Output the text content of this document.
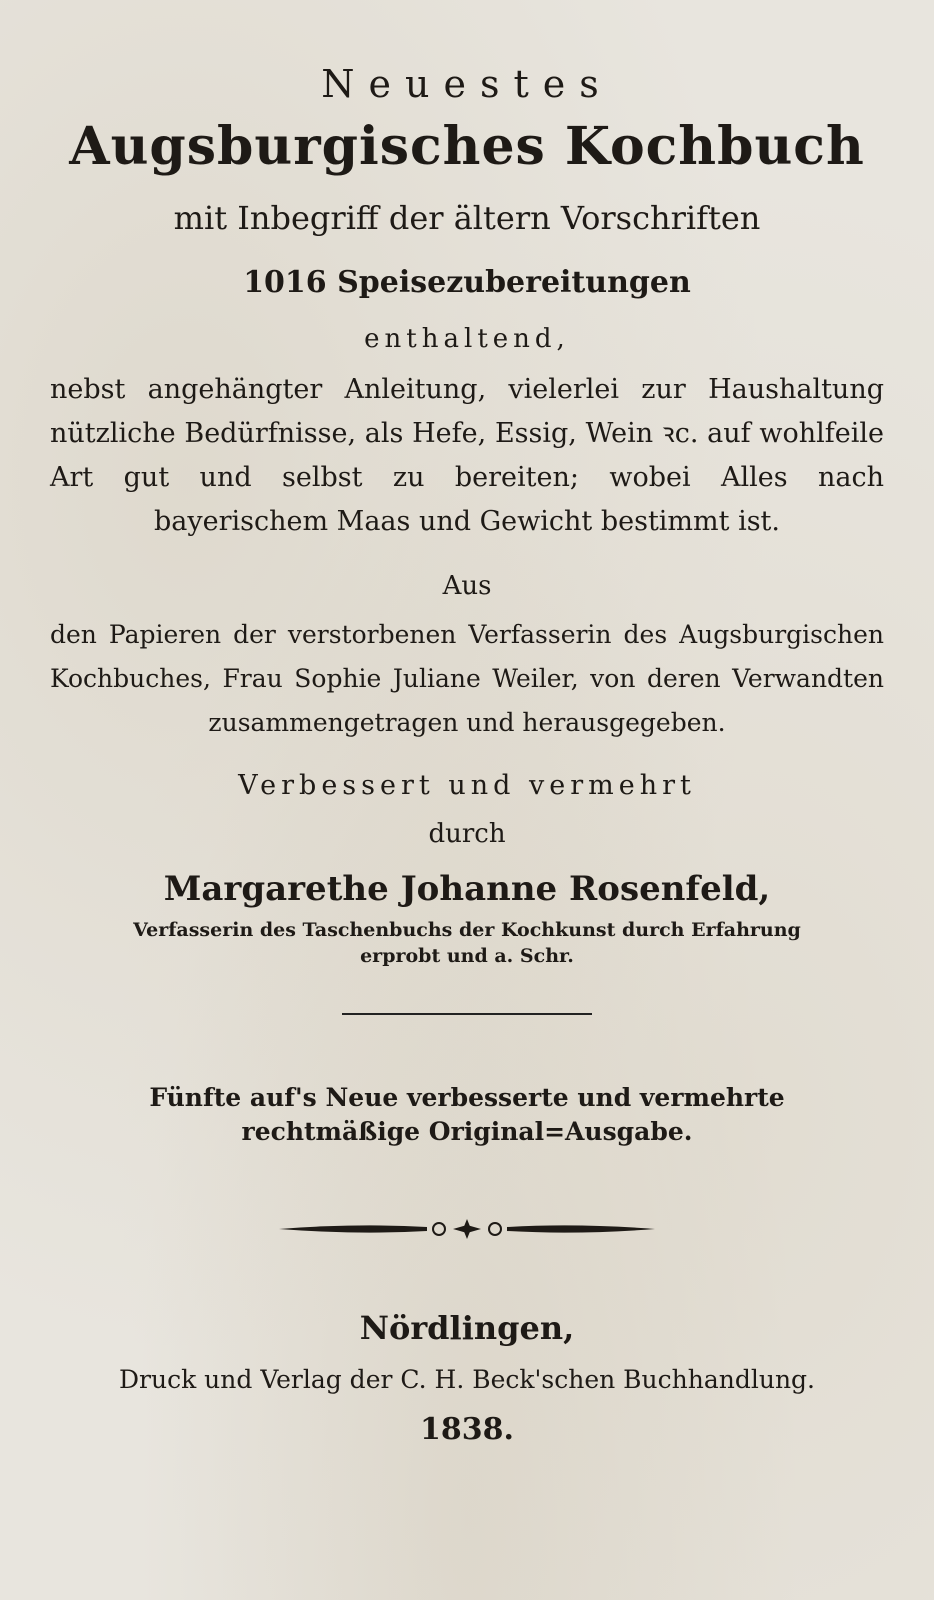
Neuestes

Augsburgisches Kochbuch

mit Inbegriff der ältern Vorschriften

1016 Speisezubereitungen

enthaltend,

nebst angehängter Anleitung, vielerlei zur Haushaltung nützliche Bedürfnisse, als Hefe, Essig, Wein ꝛc. auf wohlfeile Art gut und selbst zu bereiten; wobei Alles nach bayerischem Maas und Gewicht bestimmt ist.

Aus

den Papieren der verstorbenen Verfasserin des Augsburgischen Kochbuches, Frau Sophie Juliane Weiler, von deren Verwandten zusammengetragen und herausgegeben.

Verbessert und vermehrt

durch

Margarethe Johanne Rosenfeld,

Verfasserin des Taschenbuchs der Kochkunst durch Erfahrung erprobt und a. Schr.

Fünfte auf's Neue verbesserte und vermehrte rechtmäßige Original=Ausgabe.

Nördlingen,

Druck und Verlag der C. H. Beck'schen Buchhandlung.

1838.
